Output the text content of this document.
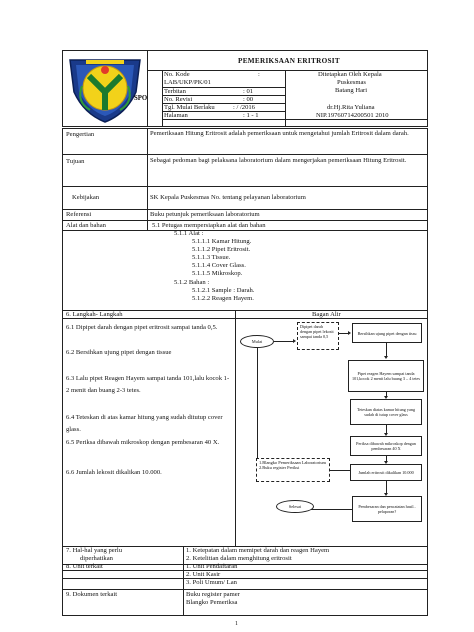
PEMERIKSAAN ERITROSIT
SPO
No. Kode	:
LAB/UKP/PK/01
Terbitan	: 01
No. Revisi	: 00
Tgl. Mulai Berlaku	: / /2016
Halaman	: 1 - 1
Ditetapkan Oleh Kepala
Puskesmas
Batang Hari
dr.Hj.Rita Yuliana
NIP.19760714200501 2010
Pengertian	Pemeriksaan Hitung Eritrosit adalah pemeriksaan untuk mengetahui jumlah Eritrosit dalam darah.
Tujuan	Sebagai pedoman bagi pelaksana laboratorium dalam mengerjakan pemeriksaan Hitung Eritrosit.
Kebijakan	SK Kepala Puskesmas No. tentang pelayanan laboratorium
Referensi	Buku petunjuk pemeriksaan laboratorium
Alat dan bahan	5.1 Petugas mempersiapkan alat dan bahan
5.1.1 Alat :
5.1.1.1 Kamar Hitung.
5.1.1.2 Pipet Eritrosit.
5.1.1.3 Tissue.
5.1.1.4 Cover Glass.
5.1.1.5 Mikroskop.
5.1.2 Bahan :
5.1.2.1 Sample : Darah.
5.1.2.2 Reagen Hayem.
6. Langkah- Langkah	Bagan Alir
6.1 Dipipet darah dengan pipet eritrosit sampai tanda 0,5.
6.2 Bersihkan ujung pipet dengan tissue
6.3 Lalu pipet Reagen Hayem sampai tanda 101,lalu kocok 1-2 menit dan buang 2-3 tetes.
6.4 Teteskan di atas kamar hitung yang sudah ditutup cover glass.
6.5 Periksa dibawah mikroskop dengan pembesaran 40 X.
6.6 Jumlah lekosit dikalikan 10.000.
Mulai
Dipipet darah dengan pipet lekosit sampai tanda 0,5
Bersihkan ujung pipet dengan tissu
Pipet reagen Hayem sampai tanda 101,kocok 2 menit lalu buang 3 – 4 tetes
Teteskan diatas kamar hitung yang sudah di tutup cover glass
Periksa dibawah mikroskop dengan pembesaran 40 X
Jumlah eritrosit dikalikan 10.000
Pembesaran dan pencatatan hasil.. pelaporan?
Selesai
1.Blangko Pemeriksaan Laboratorium
2.Buku register Periksi
7. Hal-hal yang perlu
diperhatikan
1. Ketepatan dalam memipet darah dan reagen Hayem
2. Ketelitian dalam menghitung eritrosit
8. Unit terkait	1. Unit Pendaftaran
2. Unit Kasir
3. Poli Umum/ Lan
9. Dokumen terkait	Buku register pamer
Blangko Pemeriksa
1
